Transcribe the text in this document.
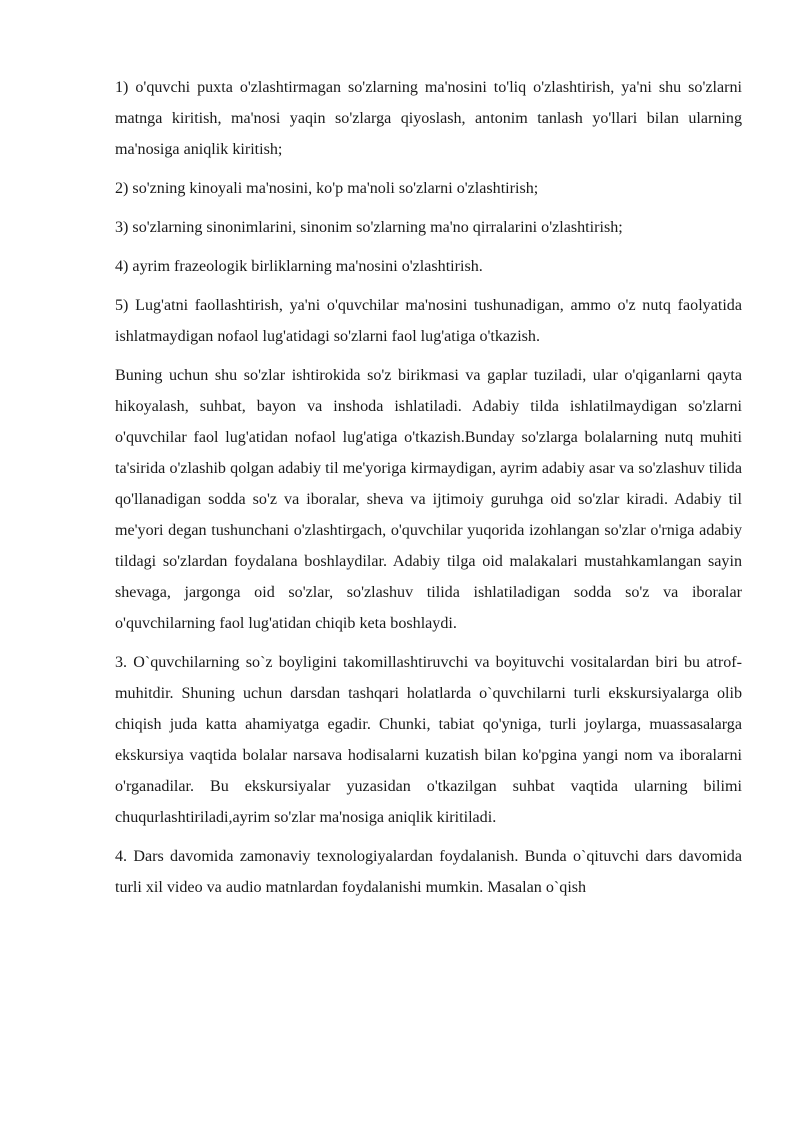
1) o'quvchi puxta o'zlashtirmagan so'zlarning ma'nosini to'liq o'zlashtirish, ya'ni shu so'zlarni matnga kiritish, ma'nosi yaqin so'zlarga qiyoslash, antonim tanlash yo'llari bilan ularning ma'nosiga aniqlik kiritish;

2) so'zning kinoyali ma'nosini, ko'p ma'noli so'zlarni o'zlashtirish;

3) so'zlarning sinonimlarini, sinonim so'zlarning ma'no qirralarini o'zlashtirish;

4) ayrim frazeologik birliklarning ma'nosini o'zlashtirish.

5) Lug'atni faollashtirish, ya'ni o'quvchilar ma'nosini tushunadigan, ammo o'z nutq faolyatida ishlatmaydigan nofaol lug'atidagi so'zlarni faol lug'atiga o'tkazish.

Buning uchun shu so'zlar ishtirokida so'z birikmasi va gaplar tuziladi, ular o'qiganlarni qayta hikoyalash, suhbat, bayon va inshoda ishlatiladi. Adabiy tilda ishlatilmaydigan so'zlarni o'quvchilar faol lug'atidan nofaol lug'atiga o'tkazish.Bunday so'zlarga bolalarning nutq muhiti ta'sirida o'zlashib qolgan adabiy til me'yoriga kirmaydigan, ayrim adabiy asar va so'zlashuv tilida qo'llanadigan sodda so'z va iboralar, sheva va ijtimoiy guruhga oid so'zlar kiradi. Adabiy til me'yori degan tushunchani o'zlashtirgach, o'quvchilar yuqorida izohlangan so'zlar o'rniga adabiy tildagi so'zlardan foydalana boshlaydilar. Adabiy tilga oid malakalari mustahkamlangan sayin shevaga, jargonga oid so'zlar, so'zlashuv tilida ishlatiladigan sodda so'z va iboralar o'quvchilarning faol lug'atidan chiqib keta boshlaydi.

3. O`quvchilarning so`z boyligini takomillashtiruvchi va boyituvchi vositalardan biri bu atrof- muhitdir. Shuning uchun darsdan tashqari holatlarda o`quvchilarni turli ekskursiyalarga olib chiqish juda katta ahamiyatga egadir. Chunki, tabiat qo'yniga, turli joylarga, muassasalarga ekskursiya vaqtida bolalar narsava hodisalarni kuzatish bilan ko'pgina yangi nom va iboralarni o'rganadilar. Bu ekskursiyalar yuzasidan o'tkazilgan suhbat vaqtida ularning bilimi chuqurlashtiriladi,ayrim so'zlar ma'nosiga aniqlik kiritiladi.

4. Dars davomida zamonaviy texnologiyalardan foydalanish. Bunda o`qituvchi dars davomida turli xil video va audio matnlardan foydalanishi mumkin. Masalan o`qish
